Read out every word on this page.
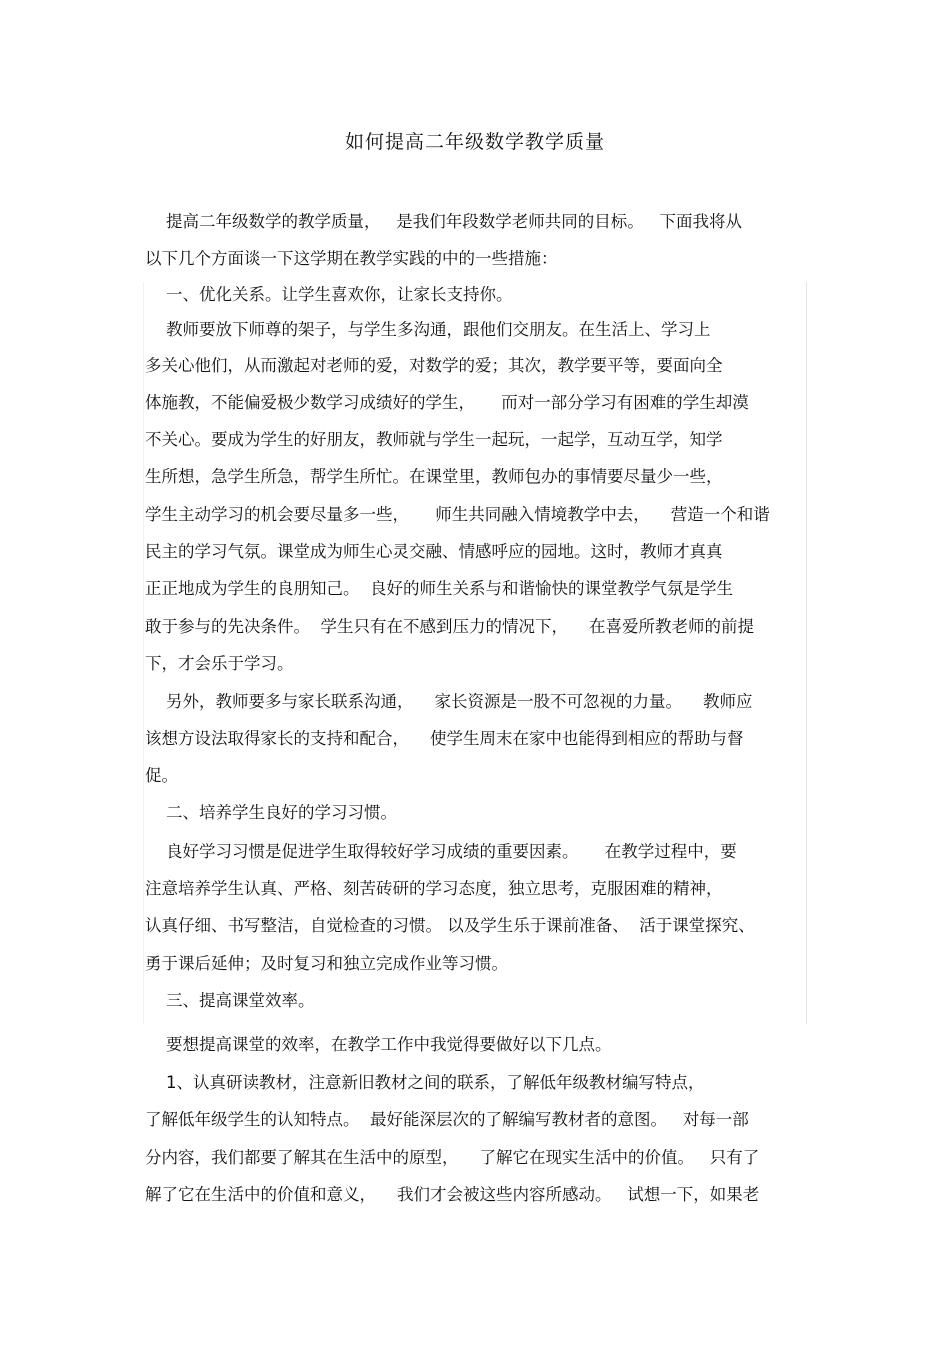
如何提高二年级数学教学质量
提高二年级数学的教学质量，   是我们年段数学老师共同的目标。   下面我将从
以下几个方面谈一下这学期在教学实践的中的一些措施：
一、优化关系。让学生喜欢你，让家长支持你。
教师要放下师尊的架子，与学生多沟通，跟他们交朋友。在生活上、学习上
多关心他们，从而激起对老师的爱，对数学的爱；其次，教学要平等，要面向全
体施教，不能偏爱极少数学习成绩好的学生，     而对一部分学习有困难的学生却漠
不关心。要成为学生的好朋友，教师就与学生一起玩，一起学，互动互学，知学
生所想，急学生所急，帮学生所忙。在课堂里，教师包办的事情要尽量少一些，
学生主动学习的机会要尽量多一些，     师生共同融入情境教学中去，    营造一个和谐
民主的学习气氛。课堂成为师生心灵交融、情感呼应的园地。这时，教师才真真
正正地成为学生的良朋知己。  良好的师生关系与和谐愉快的课堂教学气氛是学生
敢于参与的先决条件。  学生只有在不感到压力的情况下，    在喜爱所教老师的前提
下，才会乐于学习。
另外，教师要多与家长联系沟通，    家长资源是一股不可忽视的力量。    教师应
该想方设法取得家长的支持和配合，    使学生周末在家中也能得到相应的帮助与督
促。
二、培养学生良好的学习习惯。
良好学习习惯是促进学生取得较好学习成绩的重要因素。     在教学过程中，要
注意培养学生认真、严格、刻苦砖研的学习态度，独立思考，克服困难的精神，
认真仔细、书写整洁，自觉检查的习惯。 以及学生乐于课前准备、  活于课堂探究、
勇于课后延伸；及时复习和独立完成作业等习惯。
三、提高课堂效率。
要想提高课堂的效率，在教学工作中我觉得要做好以下几点。
1、认真研读教材，注意新旧教材之间的联系，了解低年级教材编写特点，
了解低年级学生的认知特点。  最好能深层次的了解编写教材者的意图。   对每一部
分内容，我们都要了解其在生活中的原型，    了解它在现实生活中的价值。   只有了
解了它在生活中的价值和意义，    我们才会被这些内容所感动。   试想一下，如果老
